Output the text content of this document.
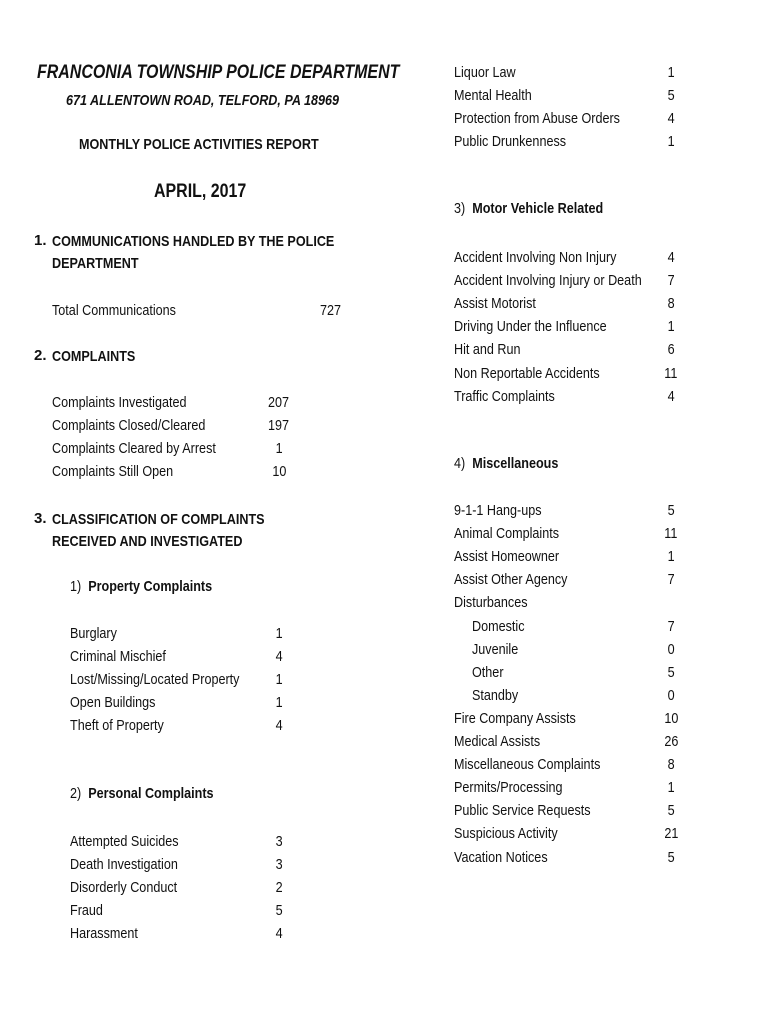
FRANCONIA TOWNSHIP POLICE DEPARTMENT
671 ALLENTOWN ROAD, TELFORD, PA 18969
MONTHLY POLICE ACTIVITIES REPORT
APRIL, 2017
1. COMMUNICATIONS HANDLED BY THE POLICE
DEPARTMENT
Total Communications	727
2. COMPLAINTS
3. CLASSIFICATION OF COMPLAINTS
RECEIVED AND INVESTIGATED
1) Property Complaints
2) Personal Complaints
3) Motor Vehicle Related
4) Miscellaneous
Complaints Investigated	207
Complaints Closed/Cleared	197
Complaints Cleared by Arrest	1
Complaints Still Open	10
Burglary	1
Criminal Mischief	4
Lost/Missing/Located Property	1
Open Buildings	1
Theft of Property	4
Attempted Suicides	3
Death Investigation	3
Disorderly Conduct	2
Fraud	5
Harassment	4
Liquor Law	1
Mental Health	5
Protection from Abuse Orders	4
Public Drunkenness	1
Accident Involving Non Injury	4
Accident Involving Injury or Death	7
Assist Motorist	8
Driving Under the Influence	1
Hit and Run	6
Non Reportable Accidents	11
Traffic Complaints	4
9-1-1 Hang-ups	5
Animal Complaints	11
Assist Homeowner	1
Assist Other Agency	7
Disturbances
Domestic	7
Juvenile	0
Other	5
Standby	0
Fire Company Assists	10
Medical Assists	26
Miscellaneous Complaints	8
Permits/Processing	1
Public Service Requests	5
Suspicious Activity	21
Vacation Notices	5
